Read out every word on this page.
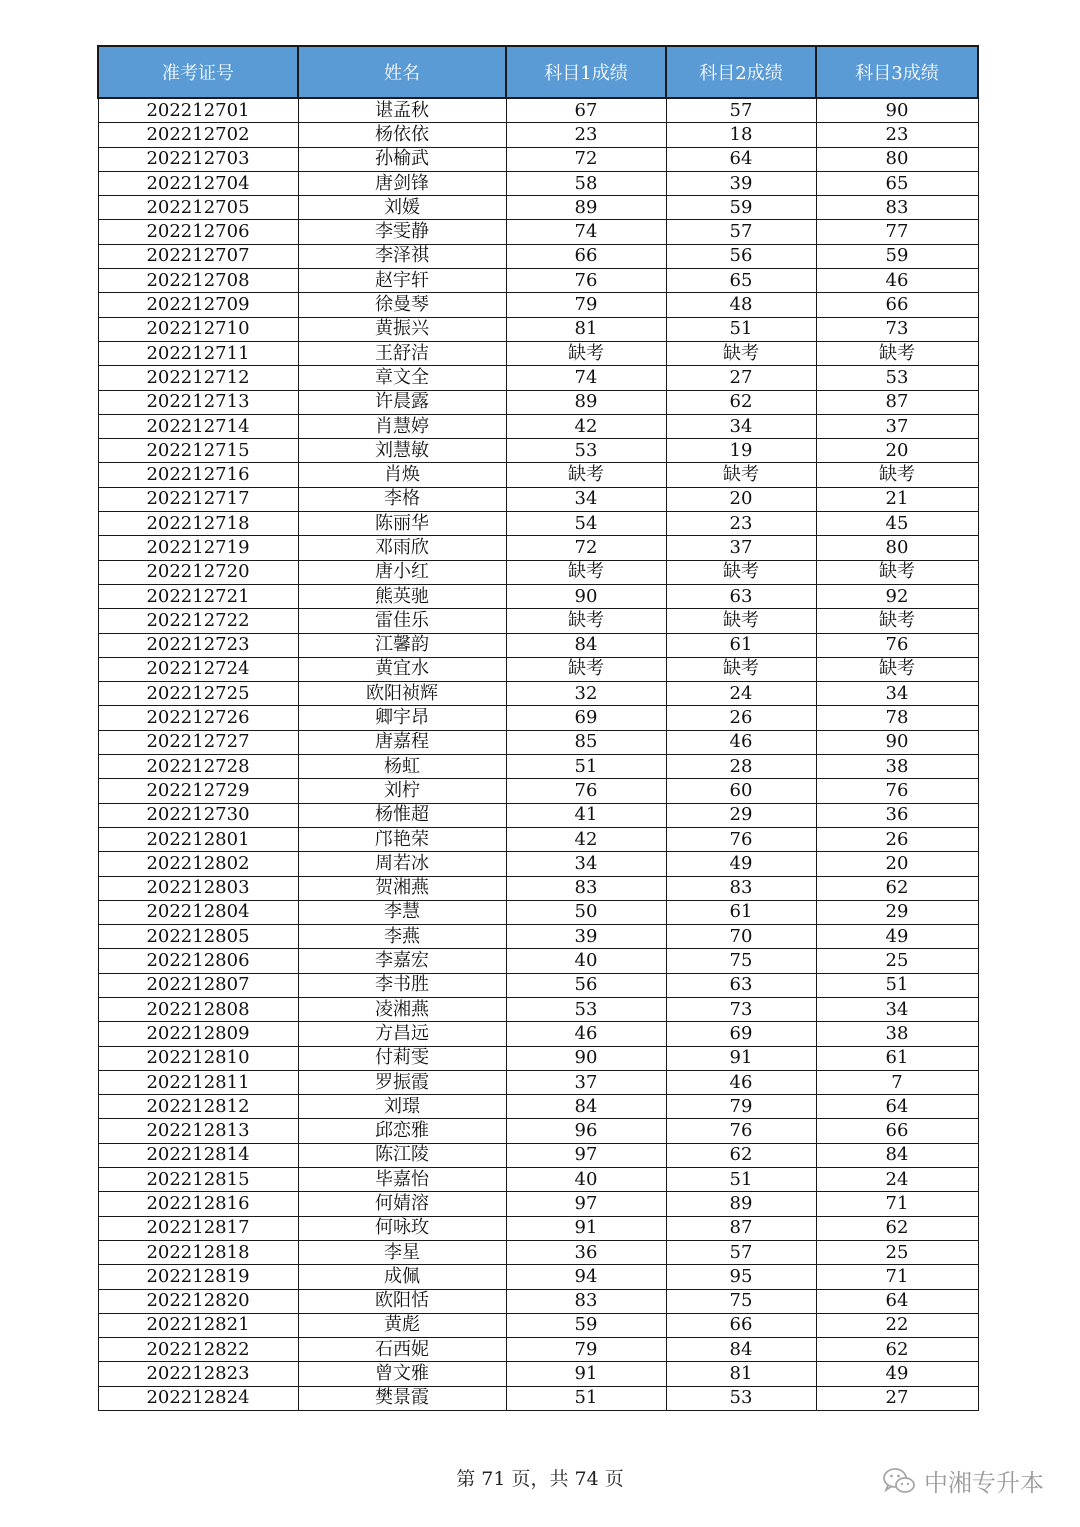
准考证号	姓名	科目1成绩	科目2成绩	科目3成绩
202212701	谌孟秋	67	57	90
202212702	杨依依	23	18	23
202212703	孙榆武	72	64	80
202212704	唐剑锋	58	39	65
202212705	刘媛	89	59	83
202212706	李雯静	74	57	77
202212707	李泽祺	66	56	59
202212708	赵宇轩	76	65	46
202212709	徐曼琴	79	48	66
202212710	黄振兴	81	51	73
202212711	王舒洁	缺考	缺考	缺考
202212712	章文全	74	27	53
202212713	许晨露	89	62	87
202212714	肖慧婷	42	34	37
202212715	刘慧敏	53	19	20
202212716	肖焕	缺考	缺考	缺考
202212717	李格	34	20	21
202212718	陈丽华	54	23	45
202212719	邓雨欣	72	37	80
202212720	唐小红	缺考	缺考	缺考
202212721	熊英驰	90	63	92
202212722	雷佳乐	缺考	缺考	缺考
202212723	江馨韵	84	61	76
202212724	黄宜水	缺考	缺考	缺考
202212725	欧阳祯辉	32	24	34
202212726	卿宇昂	69	26	78
202212727	唐嘉程	85	46	90
202212728	杨虹	51	28	38
202212729	刘柠	76	60	76
202212730	杨惟超	41	29	36
202212801	邝艳荣	42	76	26
202212802	周若冰	34	49	20
202212803	贺湘燕	83	83	62
202212804	李慧	50	61	29
202212805	李燕	39	70	49
202212806	李嘉宏	40	75	25
202212807	李书胜	56	63	51
202212808	凌湘燕	53	73	34
202212809	方昌远	46	69	38
202212810	付莉雯	90	91	61
202212811	罗振霞	37	46	7
202212812	刘璟	84	79	64
202212813	邱恋雅	96	76	66
202212814	陈江陵	97	62	84
202212815	毕嘉怡	40	51	24
202212816	何婧溶	97	89	71
202212817	何咏玫	91	87	62
202212818	李星	36	57	25
202212819	成佩	94	95	71
202212820	欧阳恬	83	75	64
202212821	黄彪	59	66	22
202212822	石西妮	79	84	62
202212823	曾文雅	91	81	49
202212824	樊景霞	51	53	27
第 71 页，共 74 页	中湘专升本
